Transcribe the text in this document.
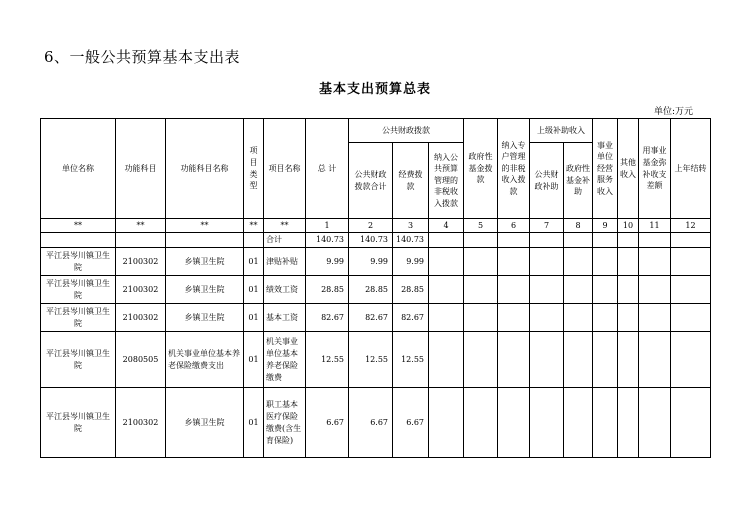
6、一般公共预算基本支出表
基本支出预算总表
单位:万元
单位名称	功能科目	功能科目名称	项目类型	项目名称	总 计	公共财政拨款			政府性基金拨款	纳入专户管理的非税收入拨款	上级补助收入		事业单位经营服务收入	其他收入	用事业基金弥补收支差额	上年结转
						公共财政拨款合计	经费拨款	纳入公共预算管理的非税收入拨款			公共财政补助	政府性基金补助				
**	**	**	**	**	1	2	3	4	5	6	7	8	9	10	11	12
				合计	140.73	140.73	140.73									
平江县岑川镇卫生院	2100302	乡镇卫生院	01	津贴补贴	9.99	9.99	9.99									
平江县岑川镇卫生院	2100302	乡镇卫生院	01	绩效工资	28.85	28.85	28.85									
平江县岑川镇卫生院	2100302	乡镇卫生院	01	基本工资	82.67	82.67	82.67									
平江县岑川镇卫生院	2080505	机关事业单位基本养老保险缴费支出	01	机关事业单位基本养老保险缴费	12.55	12.55	12.55									
平江县岑川镇卫生院	2100302	乡镇卫生院	01	职工基本医疗保险缴费(含生育保险)	6.67	6.67	6.67									
